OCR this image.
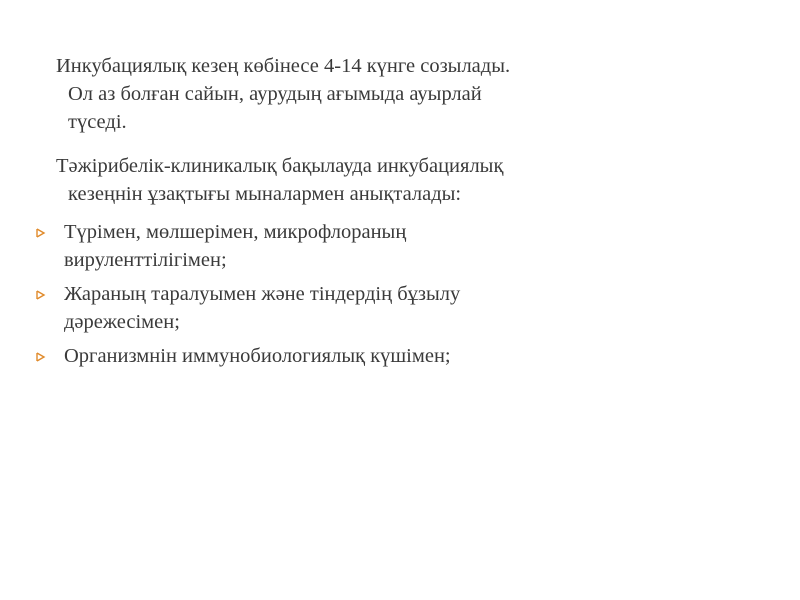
Инкубациялық кезең көбінесе 4-14 күнге созылады.
Ол аз болған сайын, аурудың ағымыда ауырлай
түседі.

Тәжірибелік-клиникалық бақылауда инкубациялық
кезеңнін ұзақтығы мыналармен анықталады:

Түрімен, мөлшерімен, микрофлораның
вирулентті​лігімен;
Жараның таралуымен және тіндердің бұзылу
дәрежесімен;
Организмнін иммунобиологиялық күшімен;
